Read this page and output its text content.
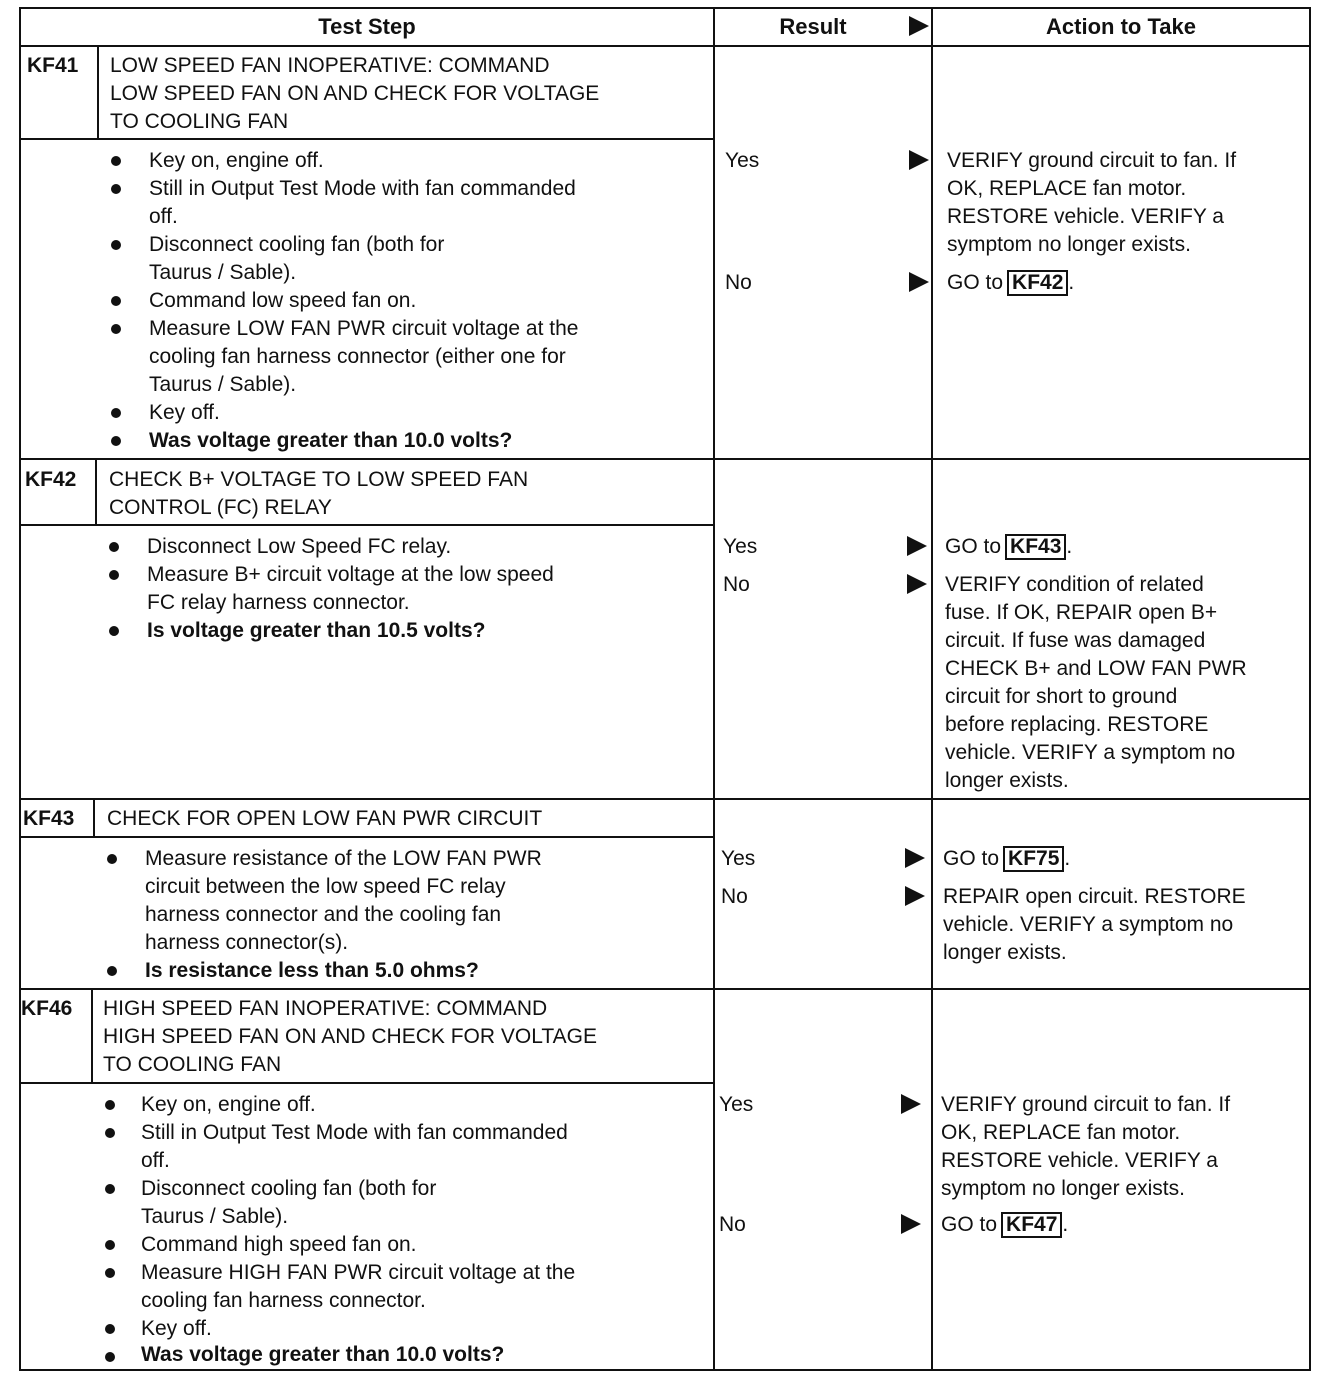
Test Step	Result	Action to Take
KF41 LOW SPEED FAN INOPERATIVE: COMMAND
LOW SPEED FAN ON AND CHECK FOR VOLTAGE
TO COOLING FAN
Key on, engine off.
Still in Output Test Mode with fan commanded
off.
Disconnect cooling fan (both for
Taurus / Sable).
Command low speed fan on.
Measure LOW FAN PWR circuit voltage at the
cooling fan harness connector (either one for
Taurus / Sable).
Key off.
Was voltage greater than 10.0 volts?
Yes	VERIFY ground circuit to fan. If
OK, REPLACE fan motor.
RESTORE vehicle. VERIFY a
symptom no longer exists.
No	GO to KF42 .
KF42 CHECK B+ VOLTAGE TO LOW SPEED FAN
CONTROL (FC) RELAY
Disconnect Low Speed FC relay.
Measure B+ circuit voltage at the low speed
FC relay harness connector.
Is voltage greater than 10.5 volts?
Yes	GO to KF43 .
No	VERIFY condition of related
fuse. If OK, REPAIR open B+
circuit. If fuse was damaged
CHECK B+ and LOW FAN PWR
circuit for short to ground
before replacing. RESTORE
vehicle. VERIFY a symptom no
longer exists.
KF43 CHECK FOR OPEN LOW FAN PWR CIRCUIT
Measure resistance of the LOW FAN PWR
circuit between the low speed FC relay
harness connector and the cooling fan
harness connector(s).
Is resistance less than 5.0 ohms?
Yes	GO to KF75 .
No	REPAIR open circuit. RESTORE
vehicle. VERIFY a symptom no
longer exists.
KF46 HIGH SPEED FAN INOPERATIVE: COMMAND
HIGH SPEED FAN ON AND CHECK FOR VOLTAGE
TO COOLING FAN
Key on, engine off.
Still in Output Test Mode with fan commanded
off.
Disconnect cooling fan (both for
Taurus / Sable).
Command high speed fan on.
Measure HIGH FAN PWR circuit voltage at the
cooling fan harness connector.
Key off.
Was voltage greater than 10.0 volts?
Yes	VERIFY ground circuit to fan. If
OK, REPLACE fan motor.
RESTORE vehicle. VERIFY a
symptom no longer exists.
No	GO to KF47 .
